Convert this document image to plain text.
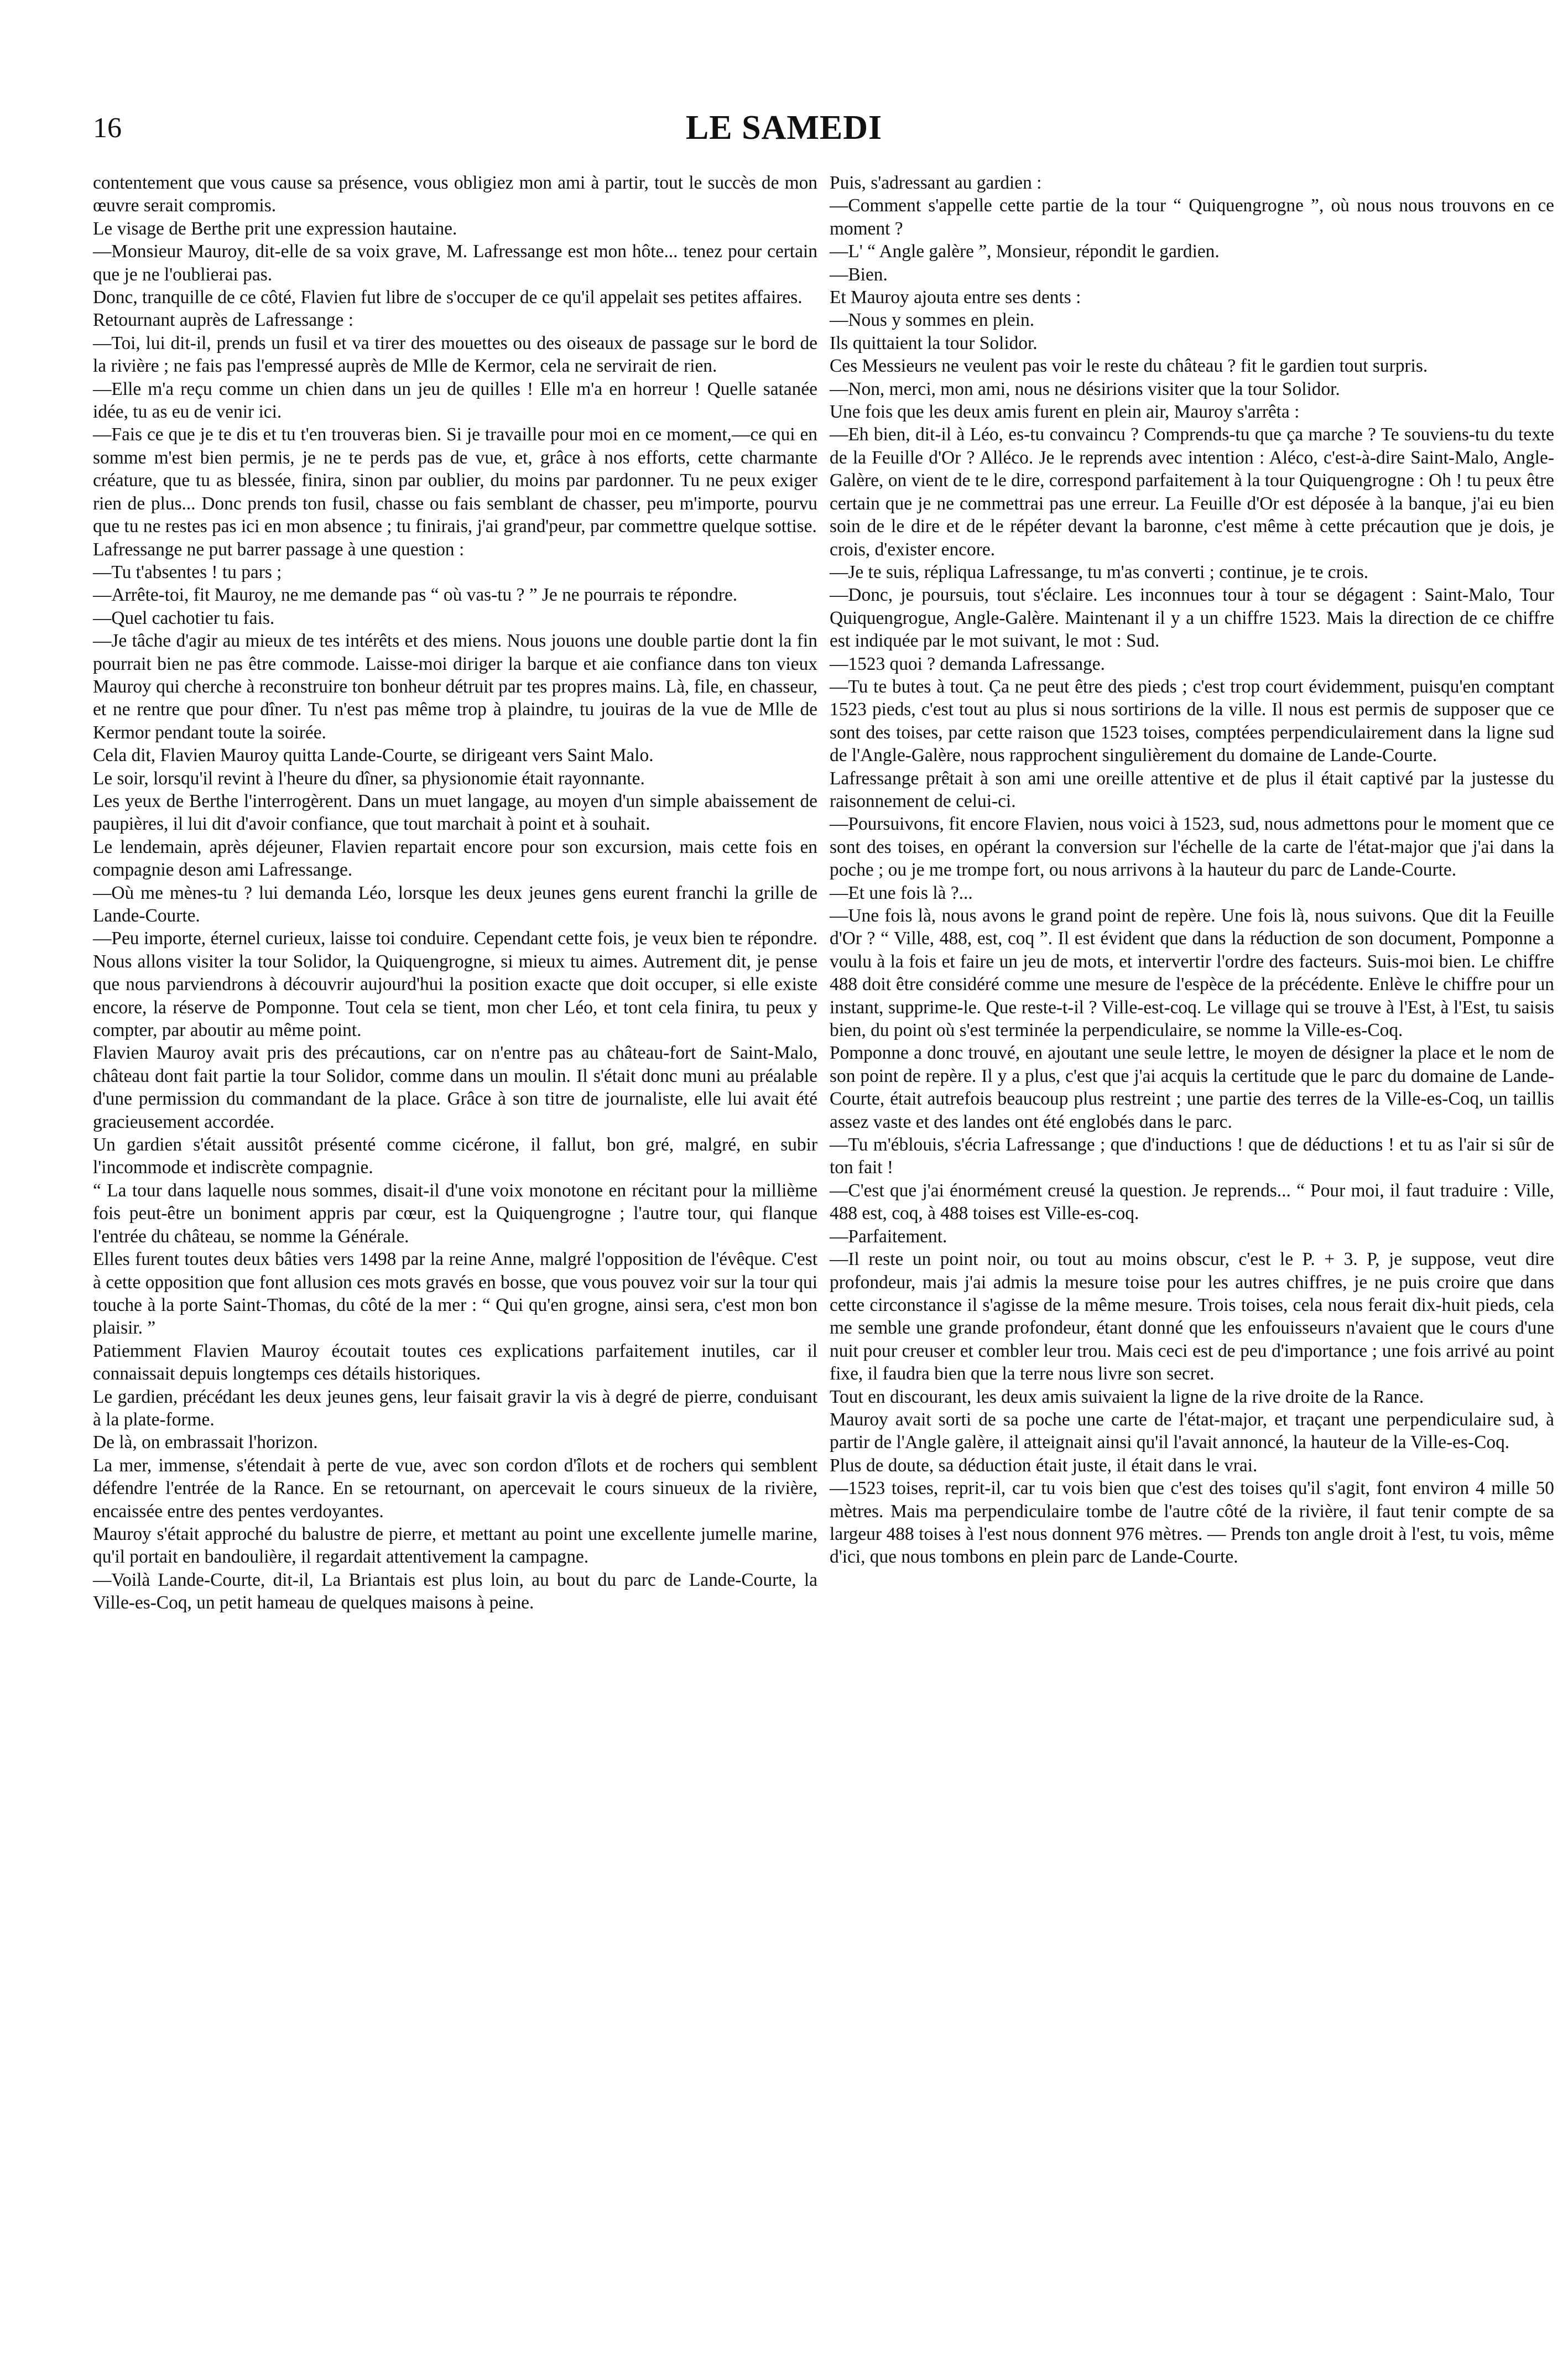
16	LE SAMEDI

contentement que vous cause sa présence, vous obligiez mon ami à partir, tout le succès de mon œuvre serait compromis.

Le visage de Berthe prit une expression hautaine.

—Monsieur Mauroy, dit-elle de sa voix grave, M. Lafressange est mon hôte... tenez pour certain que je ne l'oublierai pas.

Donc, tranquille de ce côté, Flavien fut libre de s'occuper de ce qu'il appelait ses petites affaires.

Retournant auprès de Lafressange :

—Toi, lui dit-il, prends un fusil et va tirer des mouettes ou des oiseaux de passage sur le bord de la rivière ; ne fais pas l'empressé auprès de Mlle de Kermor, cela ne servirait de rien.

—Elle m'a reçu comme un chien dans un jeu de quilles ! Elle m'a en horreur ! Quelle satanée idée, tu as eu de venir ici.

—Fais ce que je te dis et tu t'en trouveras bien. Si je travaille pour moi en ce moment,—ce qui en somme m'est bien permis, je ne te perds pas de vue, et, grâce à nos efforts, cette charmante créature, que tu as blessée, finira, sinon par oublier, du moins par pardonner. Tu ne peux exiger rien de plus... Donc prends ton fusil, chasse ou fais semblant de chasser, peu m'importe, pourvu que tu ne restes pas ici en mon absence ; tu finirais, j'ai grand'peur, par commettre quelque sottise.

Lafressange ne put barrer passage à une question :

—Tu t'absentes ! tu pars ;

—Arrête-toi, fit Mauroy, ne me demande pas “ où vas-tu ? ” Je ne pourrais te répondre.

—Quel cachotier tu fais.

—Je tâche d'agir au mieux de tes intérêts et des miens. Nous jouons une double partie dont la fin pourrait bien ne pas être commode. Laisse-moi diriger la barque et aie confiance dans ton vieux Mauroy qui cherche à reconstruire ton bonheur détruit par tes propres mains. Là, file, en chasseur, et ne rentre que pour dîner. Tu n'est pas même trop à plaindre, tu jouiras de la vue de Mlle de Kermor pendant toute la soirée.

Cela dit, Flavien Mauroy quitta Lande-Courte, se dirigeant vers Saint Malo.

Le soir, lorsqu'il revint à l'heure du dîner, sa physionomie était rayonnante.

Les yeux de Berthe l'interrogèrent. Dans un muet langage, au moyen d'un simple abaissement de paupières, il lui dit d'avoir confiance, que tout marchait à point et à souhait.

Le lendemain, après déjeuner, Flavien repartait encore pour son excursion, mais cette fois en compagnie deson ami Lafressange.

—Où me mènes-tu ? lui demanda Léo, lorsque les deux jeunes gens eurent franchi la grille de Lande-Courte.

—Peu importe, éternel curieux, laisse toi conduire. Cependant cette fois, je veux bien te répondre. Nous allons visiter la tour Solidor, la Quiquengrogne, si mieux tu aimes. Autrement dit, je pense que nous parviendrons à découvrir aujourd'hui la position exacte que doit occuper, si elle existe encore, la réserve de Pomponne. Tout cela se tient, mon cher Léo, et tont cela finira, tu peux y compter, par aboutir au même point.

Flavien Mauroy avait pris des précautions, car on n'entre pas au château-fort de Saint-Malo, château dont fait partie la tour Solidor, comme dans un moulin. Il s'était donc muni au préalable d'une permission du commandant de la place. Grâce à son titre de journaliste, elle lui avait été gracieusement accordée.

Un gardien s'était aussitôt présenté comme cicérone, il fallut, bon gré, malgré, en subir l'incommode et indiscrète compagnie.

“ La tour dans laquelle nous sommes, disait-il d'une voix monotone en récitant pour la millième fois peut-être un boniment appris par cœur, est la Quiquengrogne ; l'autre tour, qui flanque l'entrée du château, se nomme la Générale.

Elles furent toutes deux bâties vers 1498 par la reine Anne, malgré l'opposition de l'évêque. C'est à cette opposition que font allusion ces mots gravés en bosse, que vous pouvez voir sur la tour qui touche à la porte Saint-Thomas, du côté de la mer : “ Qui qu'en grogne, ainsi sera, c'est mon bon plaisir. ”

Patiemment Flavien Mauroy écoutait toutes ces explications parfaitement inutiles, car il connaissait depuis longtemps ces détails historiques.

Le gardien, précédant les deux jeunes gens, leur faisait gravir la vis à degré de pierre, conduisant à la plate-forme.

De là, on embrassait l'horizon.

La mer, immense, s'étendait à perte de vue, avec son cordon d'îlots et de rochers qui semblent défendre l'entrée de la Rance. En se retournant, on apercevait le cours sinueux de la rivière, encaissée entre des pentes verdoyantes.

Mauroy s'était approché du balustre de pierre, et mettant au point une excellente jumelle marine, qu'il portait en bandoulière, il regardait attentivement la campagne.

—Voilà Lande-Courte, dit-il, La Briantais est plus loin, au bout du parc de Lande-Courte, la Ville-es-Coq, un petit hameau de quelques maisons à peine.

Puis, s'adressant au gardien :

—Comment s'appelle cette partie de la tour “ Quiquengrogne ”, où nous nous trouvons en ce moment ?

—L' “ Angle galère ”, Monsieur, répondit le gardien.

—Bien.

Et Mauroy ajouta entre ses dents :

—Nous y sommes en plein.

Ils quittaient la tour Solidor.

Ces Messieurs ne veulent pas voir le reste du château ? fit le gardien tout surpris.

—Non, merci, mon ami, nous ne désirions visiter que la tour Solidor.

Une fois que les deux amis furent en plein air, Mauroy s'arrêta :

—Eh bien, dit-il à Léo, es-tu convaincu ? Comprends-tu que ça marche ? Te souviens-tu du texte de la Feuille d'Or ? Alléco. Je le reprends avec intention : Aléco, c'est-à-dire Saint-Malo, Angle-Galère, on vient de te le dire, correspond parfaitement à la tour Quiquengrogne : Oh ! tu peux être certain que je ne commettrai pas une erreur. La Feuille d'Or est déposée à la banque, j'ai eu bien soin de le dire et de le répéter devant la baronne, c'est même à cette précaution que je dois, je crois, d'exister encore.

—Je te suis, répliqua Lafressange, tu m'as converti ; continue, je te crois.

—Donc, je poursuis, tout s'éclaire. Les inconnues tour à tour se dégagent : Saint-Malo, Tour Quiquengrogue, Angle-Galère. Maintenant il y a un chiffre 1523. Mais la direction de ce chiffre est indiquée par le mot suivant, le mot : Sud.

—1523 quoi ? demanda Lafressange.

—Tu te butes à tout. Ça ne peut être des pieds ; c'est trop court évidemment, puisqu'en comptant 1523 pieds, c'est tout au plus si nous sortirions de la ville. Il nous est permis de supposer que ce sont des toises, par cette raison que 1523 toises, comptées perpendiculairement dans la ligne sud de l'Angle-Galère, nous rapprochent singulièrement du domaine de Lande-Courte.

Lafressange prêtait à son ami une oreille attentive et de plus il était captivé par la justesse du raisonnement de celui-ci.

—Poursuivons, fit encore Flavien, nous voici à 1523, sud, nous admettons pour le moment que ce sont des toises, en opérant la conversion sur l'échelle de la carte de l'état-major que j'ai dans la poche ; ou je me trompe fort, ou nous arrivons à la hauteur du parc de Lande-Courte.

—Et une fois là ?...

—Une fois là, nous avons le grand point de repère. Une fois là, nous suivons. Que dit la Feuille d'Or ? “ Ville, 488, est, coq ”. Il est évident que dans la réduction de son document, Pomponne a voulu à la fois et faire un jeu de mots, et intervertir l'ordre des facteurs. Suis-moi bien. Le chiffre 488 doit être considéré comme une mesure de l'espèce de la précédente. Enlève le chiffre pour un instant, supprime-le. Que reste-t-il ? Ville-est-coq. Le village qui se trouve à l'Est, à l'Est, tu saisis bien, du point où s'est terminée la perpendiculaire, se nomme la Ville-es-Coq.

Pomponne a donc trouvé, en ajoutant une seule lettre, le moyen de désigner la place et le nom de son point de repère. Il y a plus, c'est que j'ai acquis la certitude que le parc du domaine de Lande-Courte, était autrefois beaucoup plus restreint ; une partie des terres de la Ville-es-Coq, un taillis assez vaste et des landes ont été englobés dans le parc.

—Tu m'éblouis, s'écria Lafressange ; que d'inductions ! que de déductions ! et tu as l'air si sûr de ton fait !

—C'est que j'ai énormément creusé la question. Je reprends... “ Pour moi, il faut traduire : Ville, 488 est, coq, à 488 toises est Ville-es-coq.

—Parfaitement.

—Il reste un point noir, ou tout au moins obscur, c'est le P. + 3. P, je suppose, veut dire profondeur, mais j'ai admis la mesure toise pour les autres chiffres, je ne puis croire que dans cette circonstance il s'agisse de la même mesure. Trois toises, cela nous ferait dix-huit pieds, cela me semble une grande profondeur, étant donné que les enfouisseurs n'avaient que le cours d'une nuit pour creuser et combler leur trou. Mais ceci est de peu d'importance ; une fois arrivé au point fixe, il faudra bien que la terre nous livre son secret.

Tout en discourant, les deux amis suivaient la ligne de la rive droite de la Rance.

Mauroy avait sorti de sa poche une carte de l'état-major, et traçant une perpendiculaire sud, à partir de l'Angle galère, il atteignait ainsi qu'il l'avait annoncé, la hauteur de la Ville-es-Coq.

Plus de doute, sa déduction était juste, il était dans le vrai.

—1523 toises, reprit-il, car tu vois bien que c'est des toises qu'il s'agit, font environ 4 mille 50 mètres. Mais ma perpendiculaire tombe de l'autre côté de la rivière, il faut tenir compte de sa largeur 488 toises à l'est nous donnent 976 mètres. — Prends ton angle droit à l'est, tu vois, même d'ici, que nous tombons en plein parc de Lande-Courte.
